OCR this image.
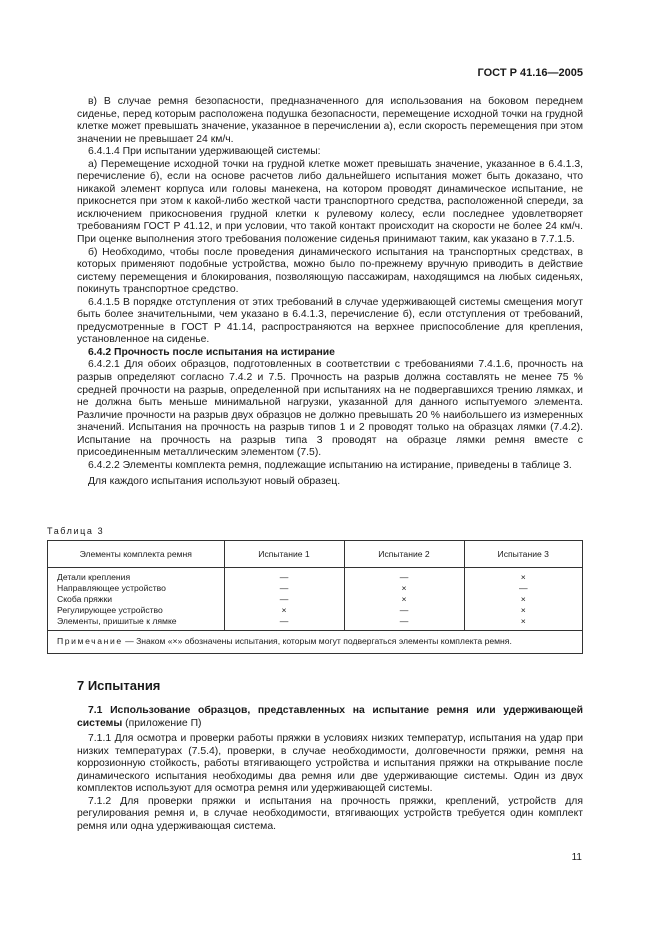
ГОСТ Р 41.16—2005

в) В случае ремня безопасности, предназначенного для использования на боковом переднем сиденье, перед которым расположена подушка безопасности, перемещение исходной точки на грудной клетке может превышать значение, указанное в перечислении а), если скорость перемещения при этом значении не превышает 24 км/ч.

6.4.1.4 При испытании удерживающей системы:

а) Перемещение исходной точки на грудной клетке может превышать значение, указанное в 6.4.1.3, перечисление б), если на основе расчетов либо дальнейшего испытания может быть доказано, что никакой элемент корпуса или головы манекена, на котором проводят динамическое испытание, не прикоснется при этом к какой-либо жесткой части транспортного средства, расположенной спереди, за исключением прикосновения грудной клетки к рулевому колесу, если последнее удовлетворяет требованиям ГОСТ Р 41.12, и при условии, что такой контакт происходит на скорости не более 24 км/ч. При оценке выполнения этого требования положение сиденья принимают таким, как указано в 7.7.1.5.

б) Необходимо, чтобы после проведения динамического испытания на транспортных средствах, в которых применяют подобные устройства, можно было по-прежнему вручную приводить в действие систему перемещения и блокирования, позволяющую пассажирам, находящимся на любых сиденьях, покинуть транспортное средство.

6.4.1.5 В порядке отступления от этих требований в случае удерживающей системы смещения могут быть более значительными, чем указано в 6.4.1.3, перечисление б), если отступления от требований, предусмотренные в ГОСТ Р 41.14, распространяются на верхнее приспособление для крепления, установленное на сиденье.

6.4.2 Прочность после испытания на истирание

6.4.2.1 Для обоих образцов, подготовленных в соответствии с требованиями 7.4.1.6, прочность на разрыв определяют согласно 7.4.2 и 7.5. Прочность на разрыв должна составлять не менее 75 % средней прочности на разрыв, определенной при испытаниях на не подвергавшихся трению лямках, и не должна быть меньше минимальной нагрузки, указанной для данного испытуемого элемента. Различие прочности на разрыв двух образцов не должно превышать 20 % наибольшего из измеренных значений. Испытания на прочность на разрыв типов 1 и 2 проводят только на образцах лямки (7.4.2). Испытание на прочность на разрыв типа 3 проводят на образце лямки ремня вместе с присоединенным металлическим элементом (7.5).

6.4.2.2 Элементы комплекта ремня, подлежащие испытанию на истирание, приведены в таблице 3.

Для каждого испытания используют новый образец.

Таблица 3
Элементы комплекта ремня	Испытание 1	Испытание 2	Испытание 3
Детали крепления	—	—	×
Направляющее устройство	—	×	—
Скоба пряжки	—	×	×
Регулирующее устройство	×	—	×
Элементы, пришитые к лямке	—	—	×
Примечание — Знаком «×» обозначены испытания, которым могут подвергаться элементы комплекта ремня.
7 Испытания

7.1 Использование образцов, представленных на испытание ремня или удерживающей системы (приложение П)

7.1.1 Для осмотра и проверки работы пряжки в условиях низких температур, испытания на удар при низких температурах (7.5.4), проверки, в случае необходимости, долговечности пряжки, ремня на коррозионную стойкость, работы втягивающего устройства и испытания пряжки на открывание после динамического испытания необходимы два ремня или две удерживающие системы. Один из двух комплектов используют для осмотра ремня или удерживающей системы.

7.1.2 Для проверки пряжки и испытания на прочность пряжки, креплений, устройств для регулирования ремня и, в случае необходимости, втягивающих устройств требуется один комплект ремня или одна удерживающая система.

11
